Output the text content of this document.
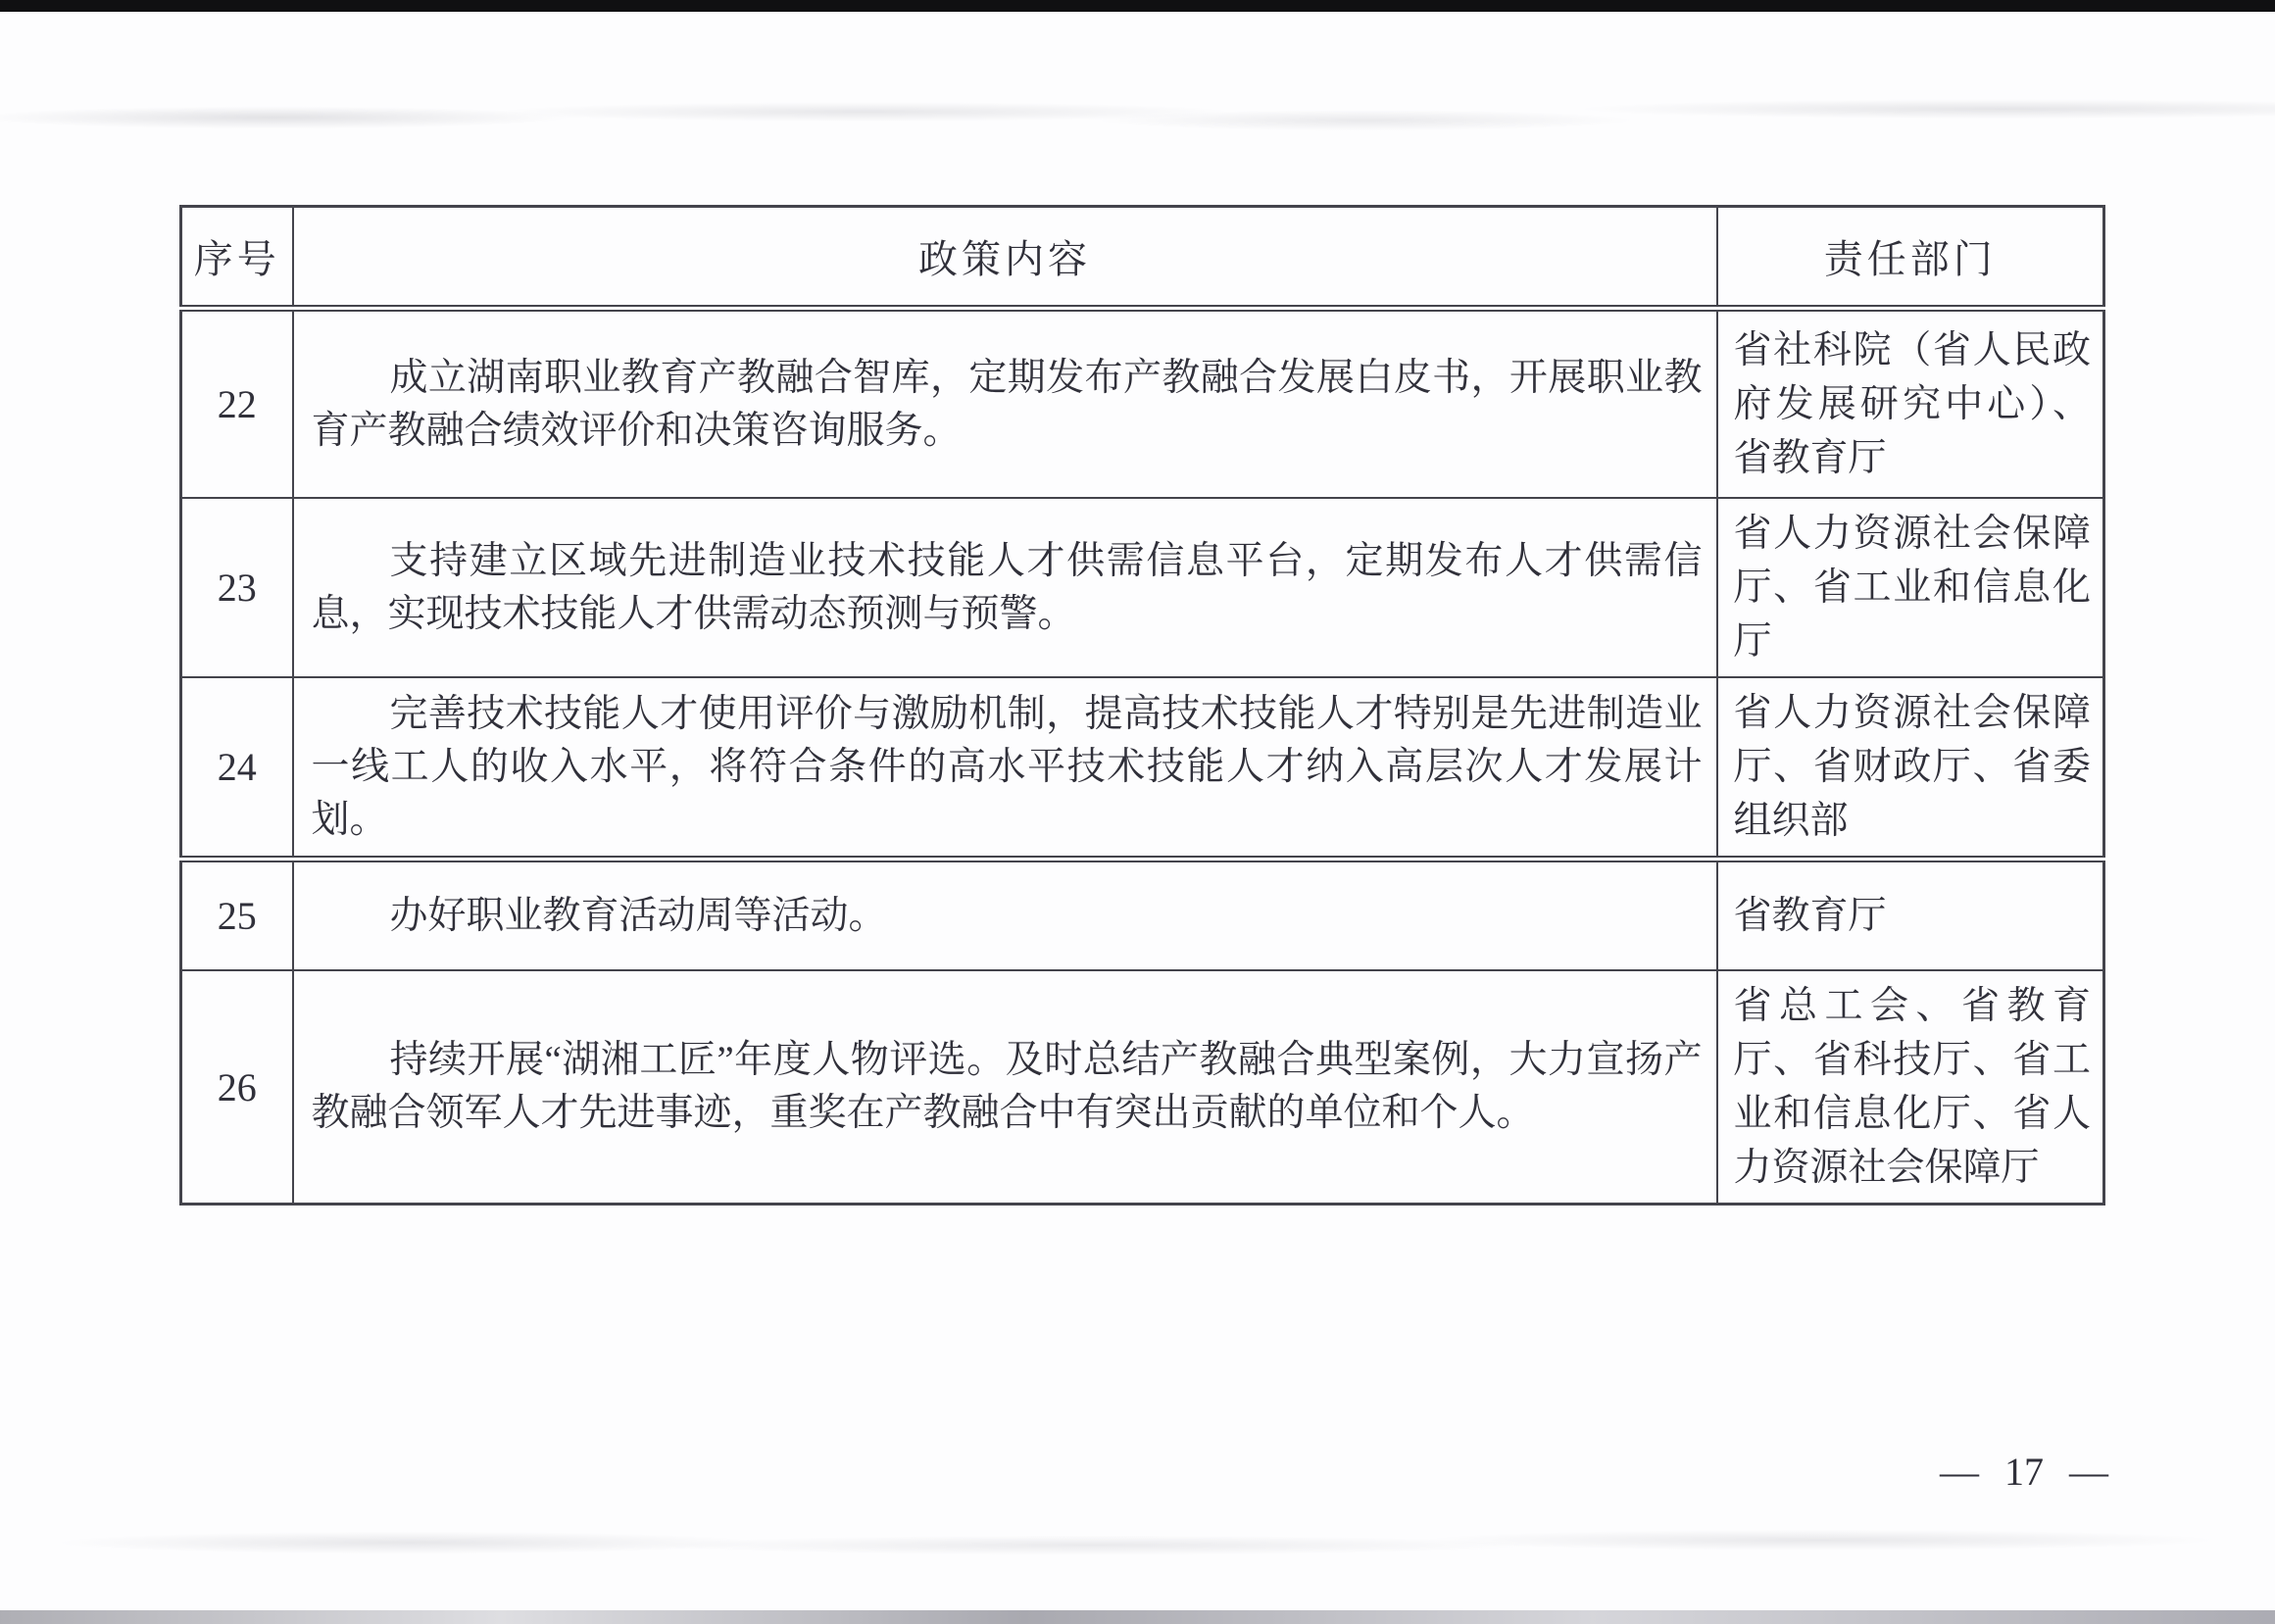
序号	政策内容	责任部门
22	成立湖南职业教育产教融合智库，定期发布产教融合发展白皮书，开展职业教育产教融合绩效评价和决策咨询服务。	省社科院（省人民政府发展研究中心）、省教育厅

23	支持建立区域先进制造业技术技能人才供需信息平台，定期发布人才供需信息，实现技术技能人才供需动态预测与预警。	省人力资源社会保障厅、省工业和信息化厅

24	完善技术技能人才使用评价与激励机制，提高技术技能人才特别是先进制造业一线工人的收入水平，将符合条件的高水平技术技能人才纳入高层次人才发展计划。	省人力资源社会保障厅、省财政厅、省委组织部

25	办好职业教育活动周等活动。	省教育厅

26	持续开展“湖湘工匠”年度人物评选。及时总结产教融合典型案例，大力宣扬产教融合领军人才先进事迹，重奖在产教融合中有突出贡献的单位和个人。	省总工会、省教育厅、省科技厅、省工业和信息化厅、省人力资源社会保障厅

— 17 —
